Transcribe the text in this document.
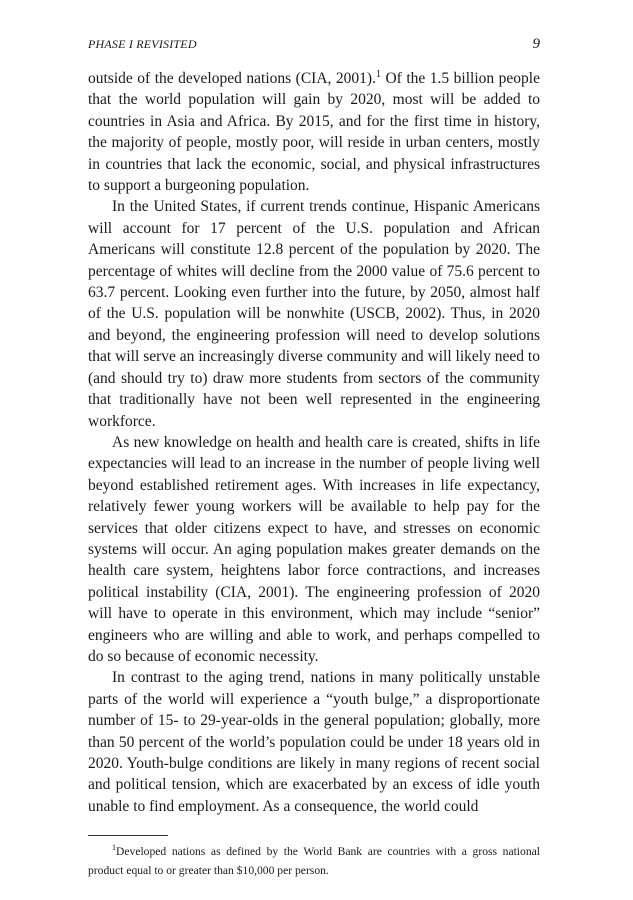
PHASE I REVISITED	9

outside of the developed nations (CIA, 2001).$^1$ Of the 1.5 billion people that the world population will gain by 2020, most will be added to countries in Asia and Africa. By 2015, and for the first time in history, the majority of people, mostly poor, will reside in urban centers, mostly in countries that lack the economic, social, and physical infrastructures to support a burgeoning population.

In the United States, if current trends continue, Hispanic Americans will account for 17 percent of the U.S. population and African Americans will constitute 12.8 percent of the population by 2020. The percentage of whites will decline from the 2000 value of 75.6 percent to 63.7 percent. Looking even further into the future, by 2050, almost half of the U.S. population will be nonwhite (USCB, 2002). Thus, in 2020 and beyond, the engineering profession will need to develop solutions that will serve an increasingly diverse community and will likely need to (and should try to) draw more students from sectors of the community that traditionally have not been well represented in the engineering workforce.

As new knowledge on health and health care is created, shifts in life expectancies will lead to an increase in the number of people living well beyond established retirement ages. With increases in life expectancy, relatively fewer young workers will be available to help pay for the services that older citizens expect to have, and stresses on economic systems will occur. An aging population makes greater demands on the health care system, heightens labor force contractions, and increases political instability (CIA, 2001). The engineering profession of 2020 will have to operate in this environment, which may include “senior” engineers who are willing and able to work, and perhaps compelled to do so because of economic necessity.

In contrast to the aging trend, nations in many politically unstable parts of the world will experience a “youth bulge,” a disproportionate number of 15- to 29-year-olds in the general population; globally, more than 50 percent of the world’s population could be under 18 years old in 2020. Youth-bulge conditions are likely in many regions of recent social and political tension, which are exacerbated by an excess of idle youth unable to find employment. As a consequence, the world could

$^1$Developed nations as defined by the World Bank are countries with a gross national product equal to or greater than $10,000 per person.
